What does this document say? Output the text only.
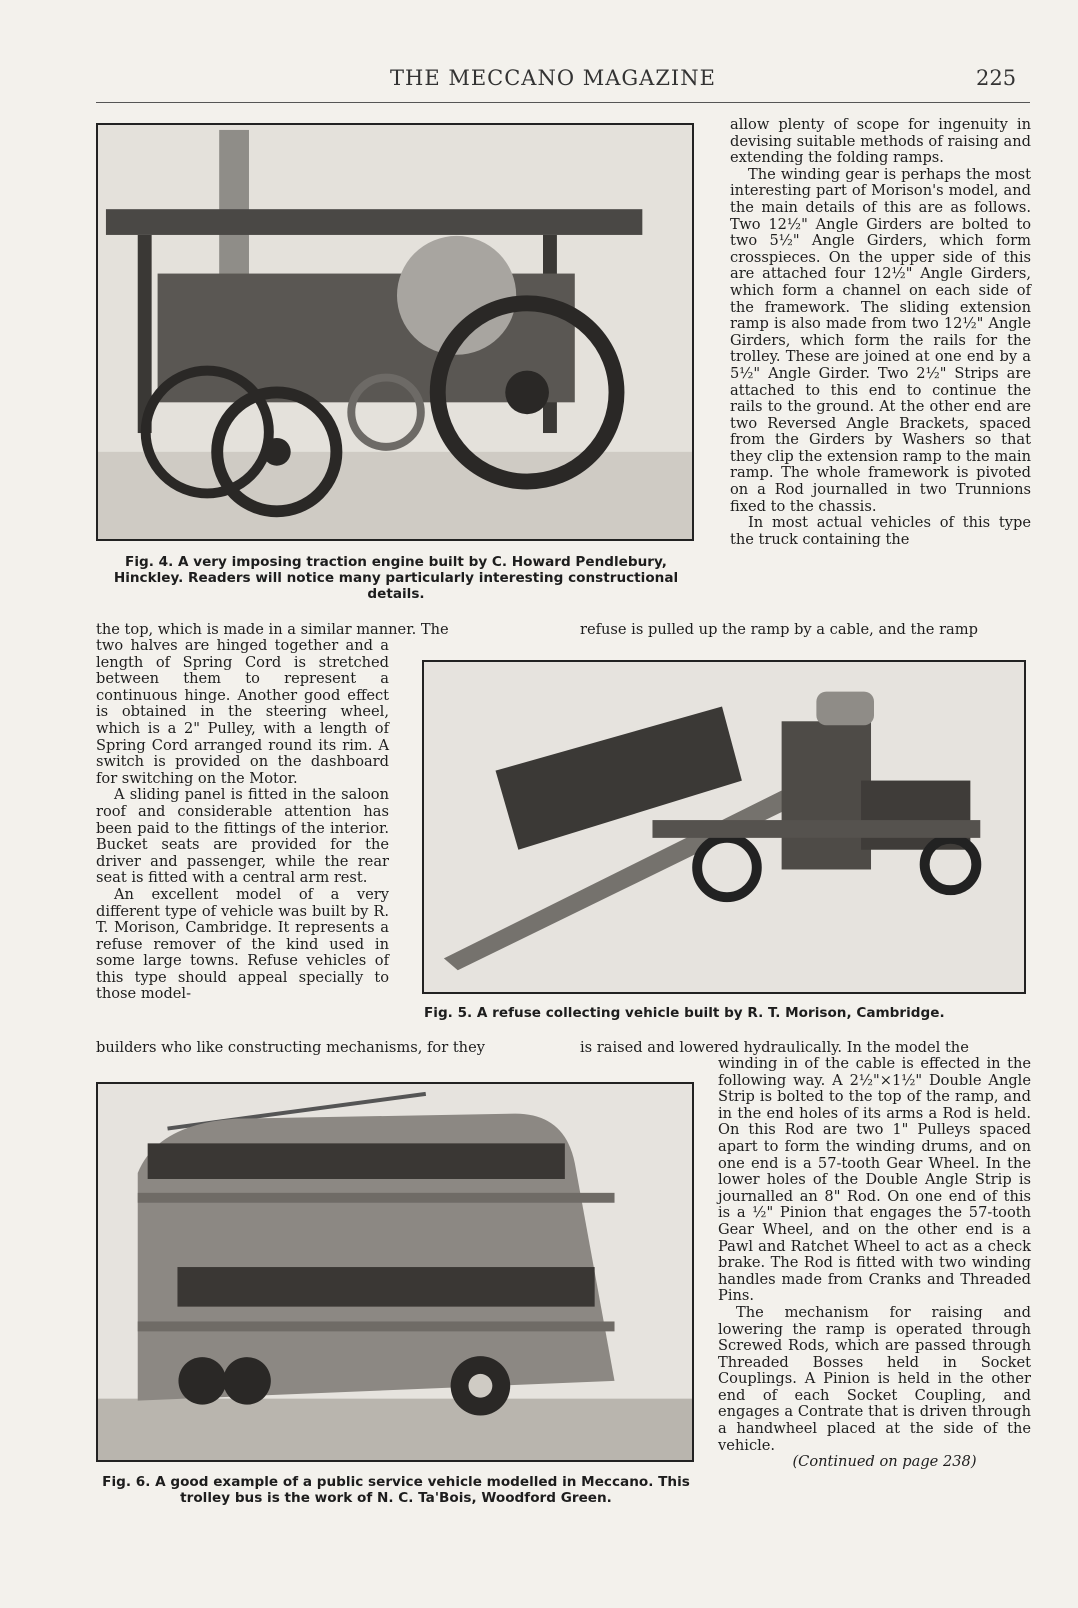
THE MECCANO MAGAZINE	225
Fig. 4. A very imposing traction engine built by C. Howard Pendlebury, Hinckley. Readers will notice many particularly interesting constructional details.

allow plenty of scope for ingenuity in devising suitable methods of raising and extending the folding ramps.

The winding gear is perhaps the most interesting part of Morison's model, and the main details of this are as follows. Two 12½" Angle Girders are bolted to two 5½" Angle Girders, which form crosspieces. On the upper side of this are attached four 12½" Angle Girders, which form a channel on each side of the framework. The sliding extension ramp is also made from two 12½" Angle Girders, which form the rails for the trolley. These are joined at one end by a 5½" Angle Girder. Two 2½" Strips are attached to this end to continue the rails to the ground. At the other end are two Reversed Angle Brackets, spaced from the Girders by Washers so that they clip the extension ramp to the main ramp. The whole framework is pivoted on a Rod journalled in two Trunnions fixed to the chassis.

In most actual vehicles of this type the truck containing the

the top, which is made in a similar manner. The	refuse is pulled up the ramp by a cable, and the ramp

two halves are hinged together and a length of Spring Cord is stretched between them to represent a continuous hinge. Another good effect is obtained in the steering wheel, which is a 2" Pulley, with a length of Spring Cord arranged round its rim. A switch is provided on the dashboard for switching on the Motor.

A sliding panel is fitted in the saloon roof and considerable attention has been paid to the fittings of the interior. Bucket seats are provided for the driver and passenger, while the rear seat is fitted with a central arm rest.

An excellent model of a very different type of vehicle was built by R. T. Morison, Cambridge. It represents a refuse remover of the kind used in some large towns. Refuse vehicles of this type should appeal specially to those model-

Fig. 5. A refuse collecting vehicle built by R. T. Morison, Cambridge.
builders who like constructing mechanisms, for they	is raised and lowered hydraulically. In the model the
Fig. 6. A good example of a public service vehicle modelled in Meccano. This trolley bus is the work of N. C. Ta'Bois, Woodford Green.

winding in of the cable is effected in the following way. A 2½"×1½" Double Angle Strip is bolted to the top of the ramp, and in the end holes of its arms a Rod is held. On this Rod are two 1" Pulleys spaced apart to form the winding drums, and on one end is a 57-tooth Gear Wheel. In the lower holes of the Double Angle Strip is journalled an 8" Rod. On one end of this is a ½" Pinion that engages the 57-tooth Gear Wheel, and on the other end is a Pawl and Ratchet Wheel to act as a check brake. The Rod is fitted with two winding handles made from Cranks and Threaded Pins.

The mechanism for raising and lowering the ramp is operated through Screwed Rods, which are passed through Threaded Bosses held in Socket Couplings. A Pinion is held in the other end of each Socket Coupling, and engages a Contrate that is driven through a handwheel placed at the side of the vehicle.

(Continued on page 238)
